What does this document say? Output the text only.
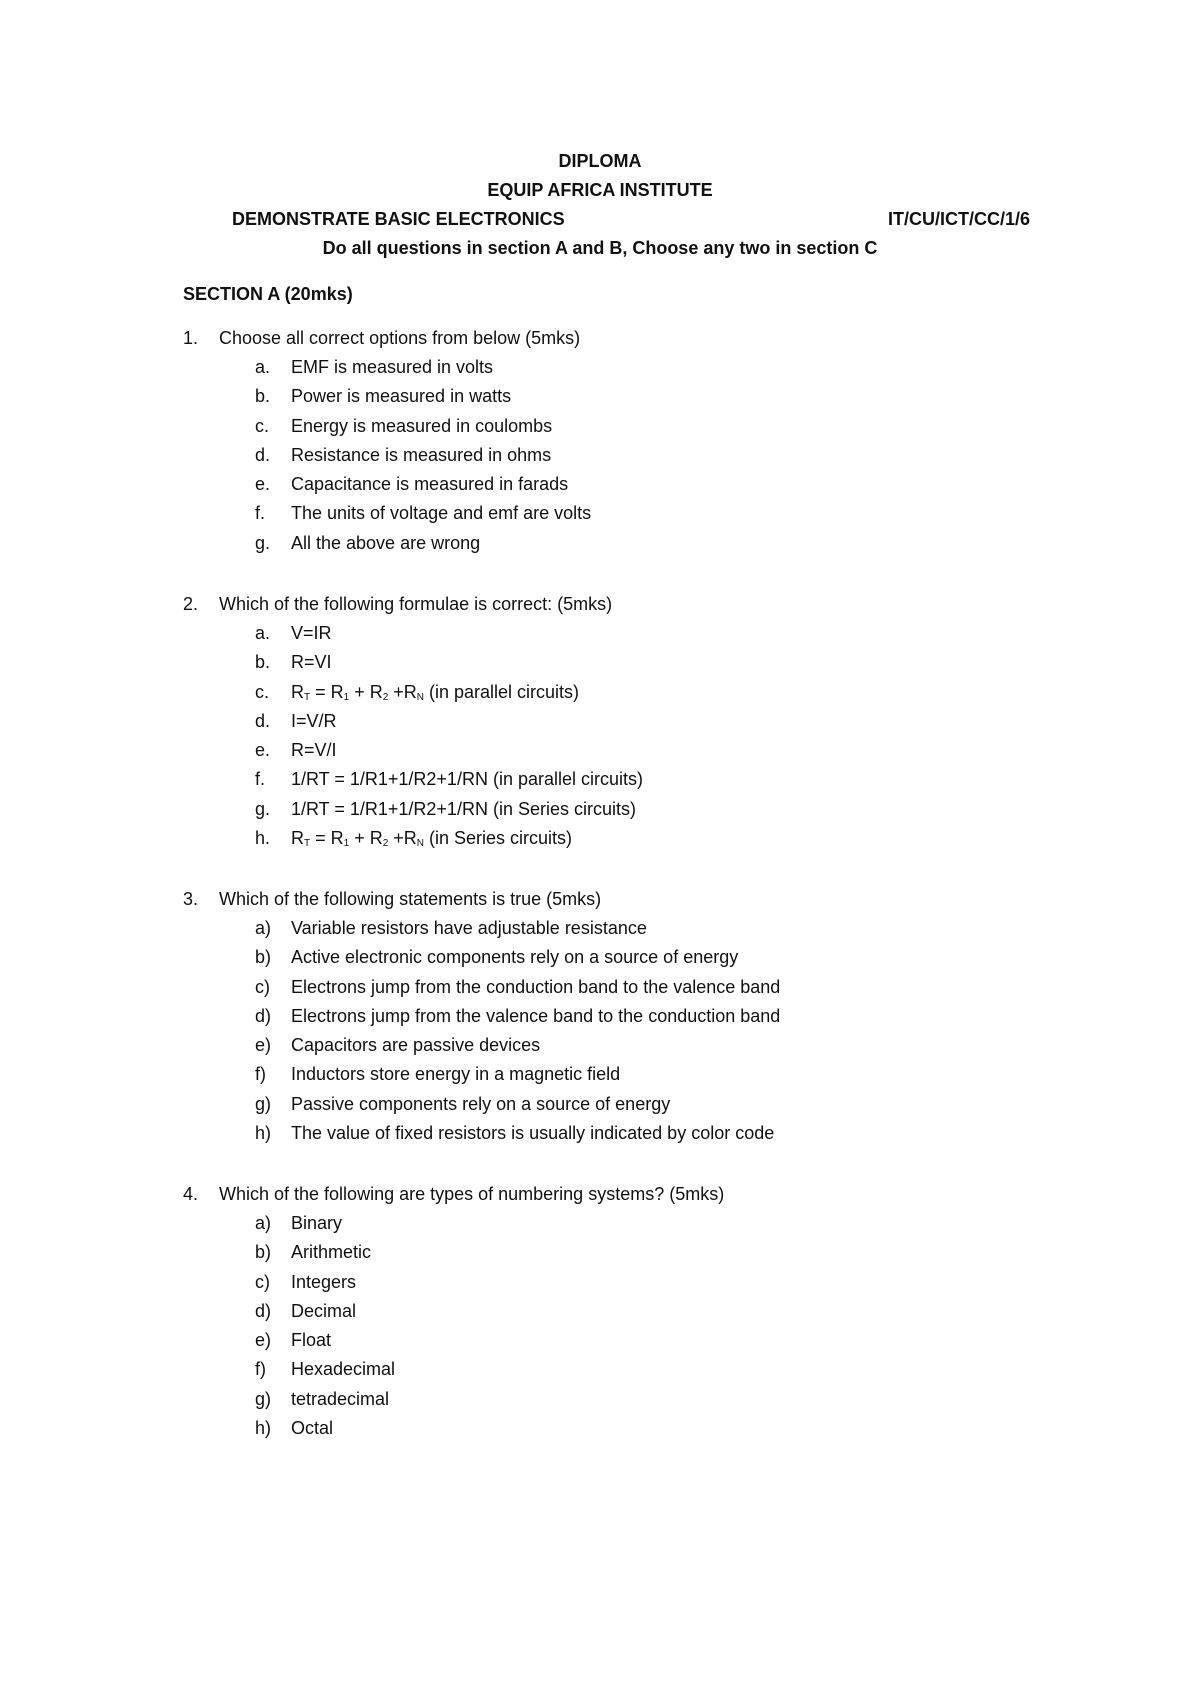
DIPLOMA
EQUIP AFRICA INSTITUTE
DEMONSTRATE BASIC ELECTRONICS	IT/CU/ICT/CC/1/6
Do all questions in section A and B, Choose any two in section C
SECTION A (20mks)
1. Choose all correct options from below (5mks)
a. EMF is measured in volts
b. Power is measured in watts
c. Energy is measured in coulombs
d. Resistance is measured in ohms
e. Capacitance is measured in farads
f. The units of voltage and emf are volts
g. All the above are wrong
2. Which of the following formulae is correct: (5mks)
a. V=IR
b. R=VI
c. $R_T = R_1 + R_2 +R_N$ (in parallel circuits)
d. I=V/R
e. R=V/I
f. 1/RT = 1/R1+1/R2+1/RN (in parallel circuits)
g. 1/RT = 1/R1+1/R2+1/RN (in Series circuits)
h. $R_T = R_1 + R_2 +R_N$ (in Series circuits)
3. Which of the following statements is true (5mks)
a) Variable resistors have adjustable resistance
b) Active electronic components rely on a source of energy
c) Electrons jump from the conduction band to the valence band
d) Electrons jump from the valence band to the conduction band
e) Capacitors are passive devices
f) Inductors store energy in a magnetic field
g) Passive components rely on a source of energy
h) The value of fixed resistors is usually indicated by color code
4. Which of the following are types of numbering systems? (5mks)
a) Binary
b) Arithmetic
c) Integers
d) Decimal
e) Float
f) Hexadecimal
g) tetradecimal
h) Octal
